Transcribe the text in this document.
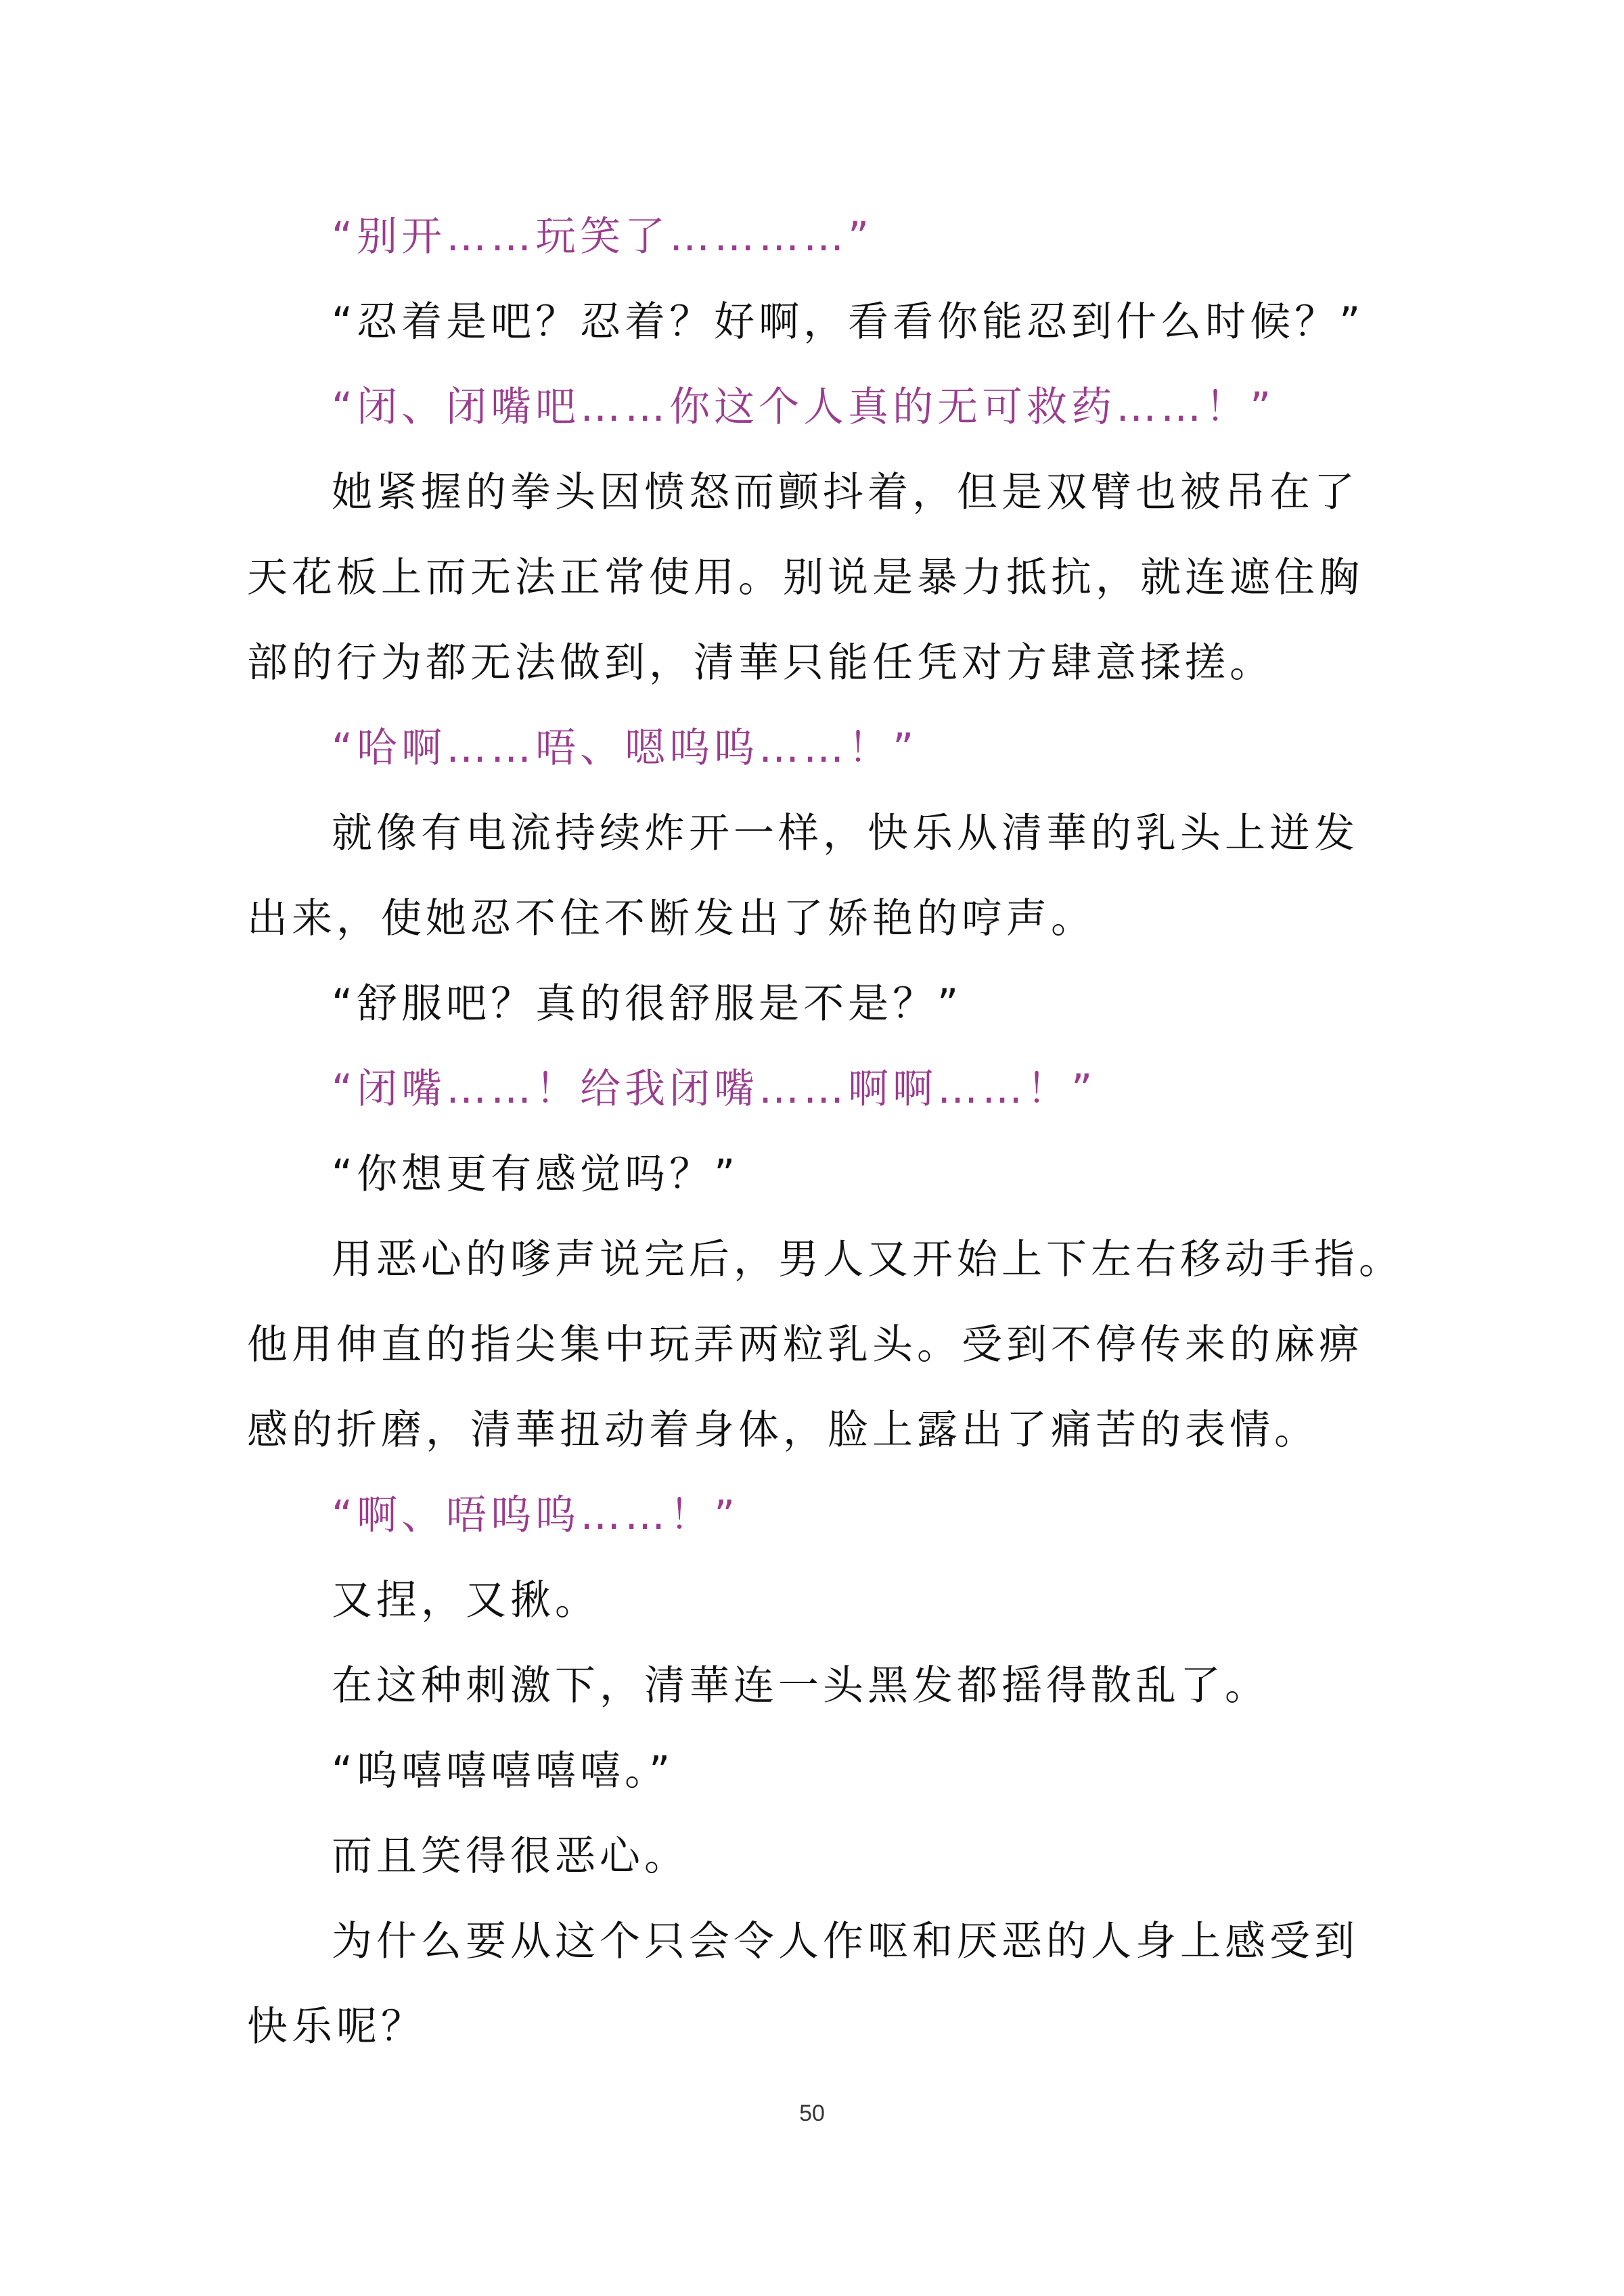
“别开……玩笑了…………”
“忍着是吧？忍着？好啊，看看你能忍到什么时候？”
“闭、闭嘴吧……你这个人真的无可救药……！”
她紧握的拳头因愤怒而颤抖着，但是双臂也被吊在了
天花板上而无法正常使用。别说是暴力抵抗，就连遮住胸
部的行为都无法做到，清華只能任凭对方肆意揉搓。
“哈啊……唔、嗯呜呜……！”
就像有电流持续炸开一样，快乐从清華的乳头上迸发
出来，使她忍不住不断发出了娇艳的哼声。
“舒服吧？真的很舒服是不是？”
“闭嘴……！给我闭嘴……啊啊……！”
“你想更有感觉吗？”
用恶心的嗲声说完后，男人又开始上下左右移动手指。
他用伸直的指尖集中玩弄两粒乳头。受到不停传来的麻痹
感的折磨，清華扭动着身体，脸上露出了痛苦的表情。
“啊、唔呜呜……！”
又捏，又揪。
在这种刺激下，清華连一头黑发都摇得散乱了。
“呜嘻嘻嘻嘻嘻。”
而且笑得很恶心。
为什么要从这个只会令人作呕和厌恶的人身上感受到
快乐呢？
50
